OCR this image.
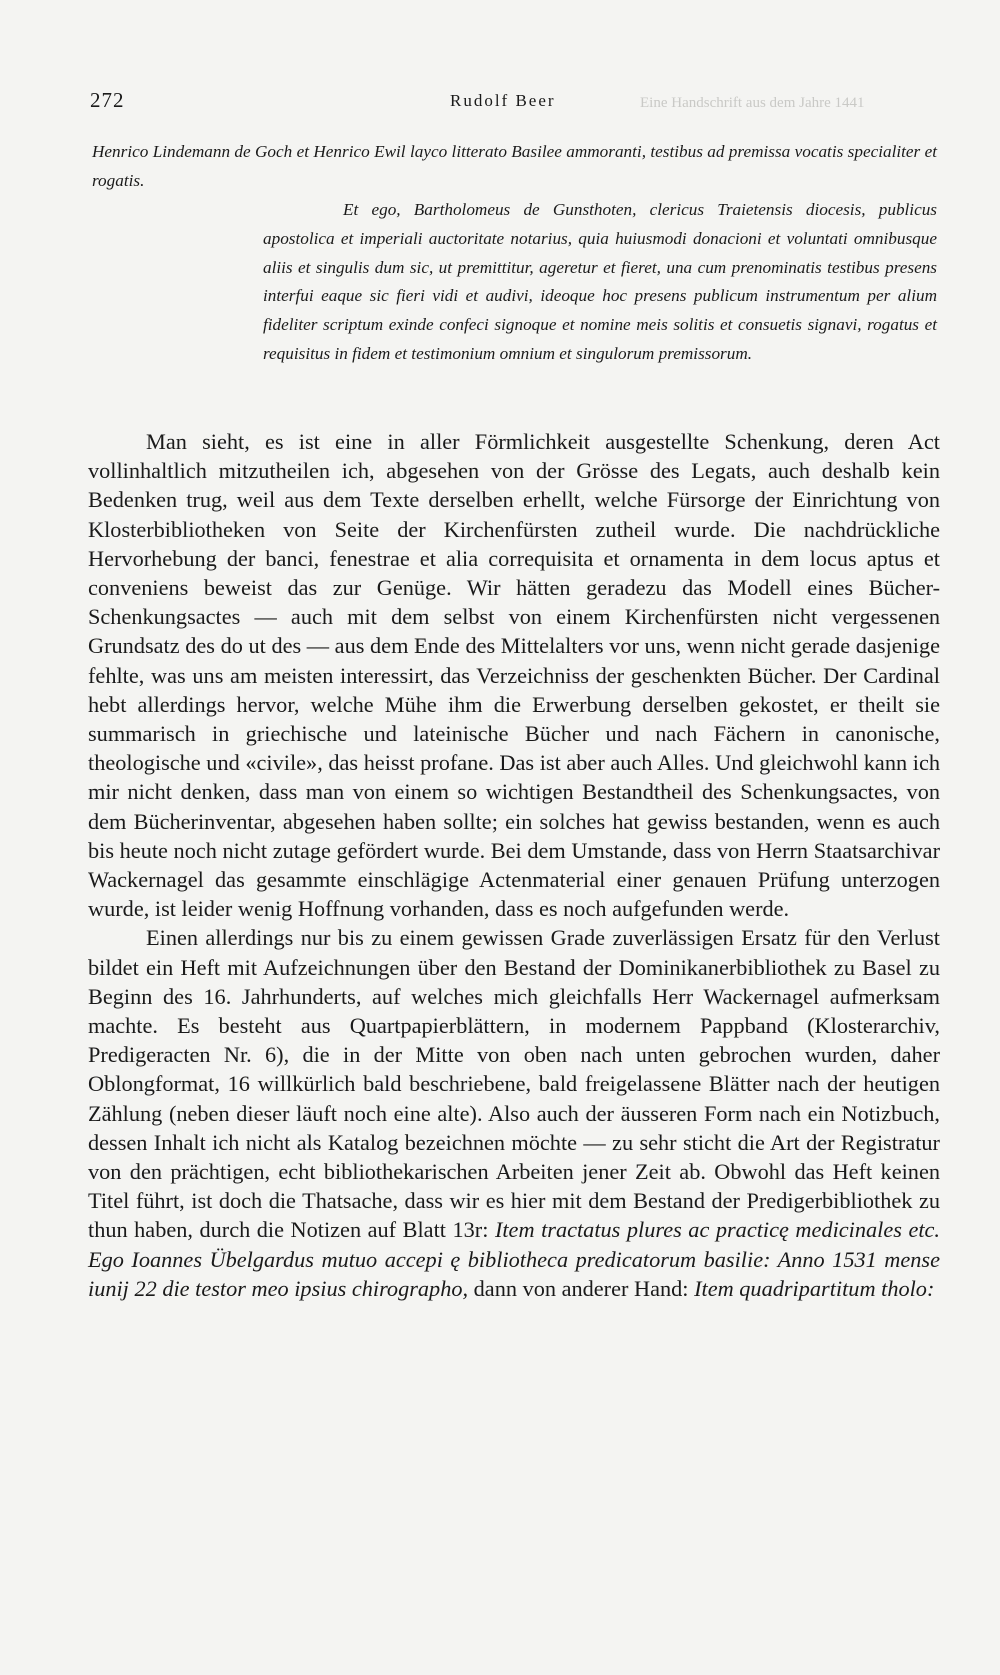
Eine Handschrift aus dem Jahre 1441
272	Rudolf Beer
Henrico Lindemann de Goch et Henrico Ewil layco litterato Basilee ammoranti, testibus ad premissa vocatis specialiter et rogatis.
Et ego, Bartholomeus de Gunsthoten, clericus Traietensis diocesis, publicus apostolica et imperiali auctoritate notarius, quia huiusmodi donacioni et voluntati omnibusque aliis et singulis dum sic, ut premittitur, ageretur et fieret, una cum prenominatis testibus presens interfui eaque sic fieri vidi et audivi, ideoque hoc presens publicum instrumentum per alium fideliter scriptum exinde confeci signoque et nomine meis solitis et consuetis signavi, rogatus et requisitus in fidem et testimonium omnium et singulorum premissorum.

Man sieht, es ist eine in aller Förmlichkeit ausgestellte Schenkung, deren Act vollinhaltlich mitzutheilen ich, abgesehen von der Grösse des Legats, auch deshalb kein Bedenken trug, weil aus dem Texte derselben erhellt, welche Fürsorge der Einrichtung von Klosterbibliotheken von Seite der Kirchenfürsten zutheil wurde. Die nachdrückliche Hervorhebung der banci, fenestrae et alia correquisita et ornamenta in dem locus aptus et conveniens beweist das zur Genüge. Wir hätten geradezu das Modell eines Bücher-Schenkungsactes — auch mit dem selbst von einem Kirchenfürsten nicht vergessenen Grundsatz des do ut des — aus dem Ende des Mittelalters vor uns, wenn nicht gerade dasjenige fehlte, was uns am meisten interessirt, das Verzeichniss der geschenkten Bücher. Der Cardinal hebt allerdings hervor, welche Mühe ihm die Erwerbung derselben gekostet, er theilt sie summarisch in griechische und lateinische Bücher und nach Fächern in canonische, theologische und «civile», das heisst profane. Das ist aber auch Alles. Und gleichwohl kann ich mir nicht denken, dass man von einem so wichtigen Bestandtheil des Schenkungsactes, von dem Bücherinventar, abgesehen haben sollte; ein solches hat gewiss bestanden, wenn es auch bis heute noch nicht zutage gefördert wurde. Bei dem Umstande, dass von Herrn Staatsarchivar Wackernagel das gesammte einschlägige Actenmaterial einer genauen Prüfung unterzogen wurde, ist leider wenig Hoffnung vorhanden, dass es noch aufgefunden werde.

Einen allerdings nur bis zu einem gewissen Grade zuverlässigen Ersatz für den Verlust bildet ein Heft mit Aufzeichnungen über den Bestand der Dominikanerbibliothek zu Basel zu Beginn des 16. Jahrhunderts, auf welches mich gleichfalls Herr Wackernagel aufmerksam machte. Es besteht aus Quartpapierblättern, in modernem Pappband (Klosterarchiv, Predigeracten Nr. 6), die in der Mitte von oben nach unten gebrochen wurden, daher Oblongformat, 16 willkürlich bald beschriebene, bald freigelassene Blätter nach der heutigen Zählung (neben dieser läuft noch eine alte). Also auch der äusseren Form nach ein Notizbuch, dessen Inhalt ich nicht als Katalog bezeichnen möchte — zu sehr sticht die Art der Registratur von den prächtigen, echt bibliothekarischen Arbeiten jener Zeit ab. Obwohl das Heft keinen Titel führt, ist doch die Thatsache, dass wir es hier mit dem Bestand der Predigerbibliothek zu thun haben, durch die Notizen auf Blatt 13r: Item tractatus plures ac practicę medicinales etc. Ego Ioannes Übelgardus mutuo accepi ę bibliotheca predicatorum basilie: Anno 1531 mense iunij 22 die testor meo ipsius chirographo, dann von anderer Hand: Item quadripartitum tholo:
